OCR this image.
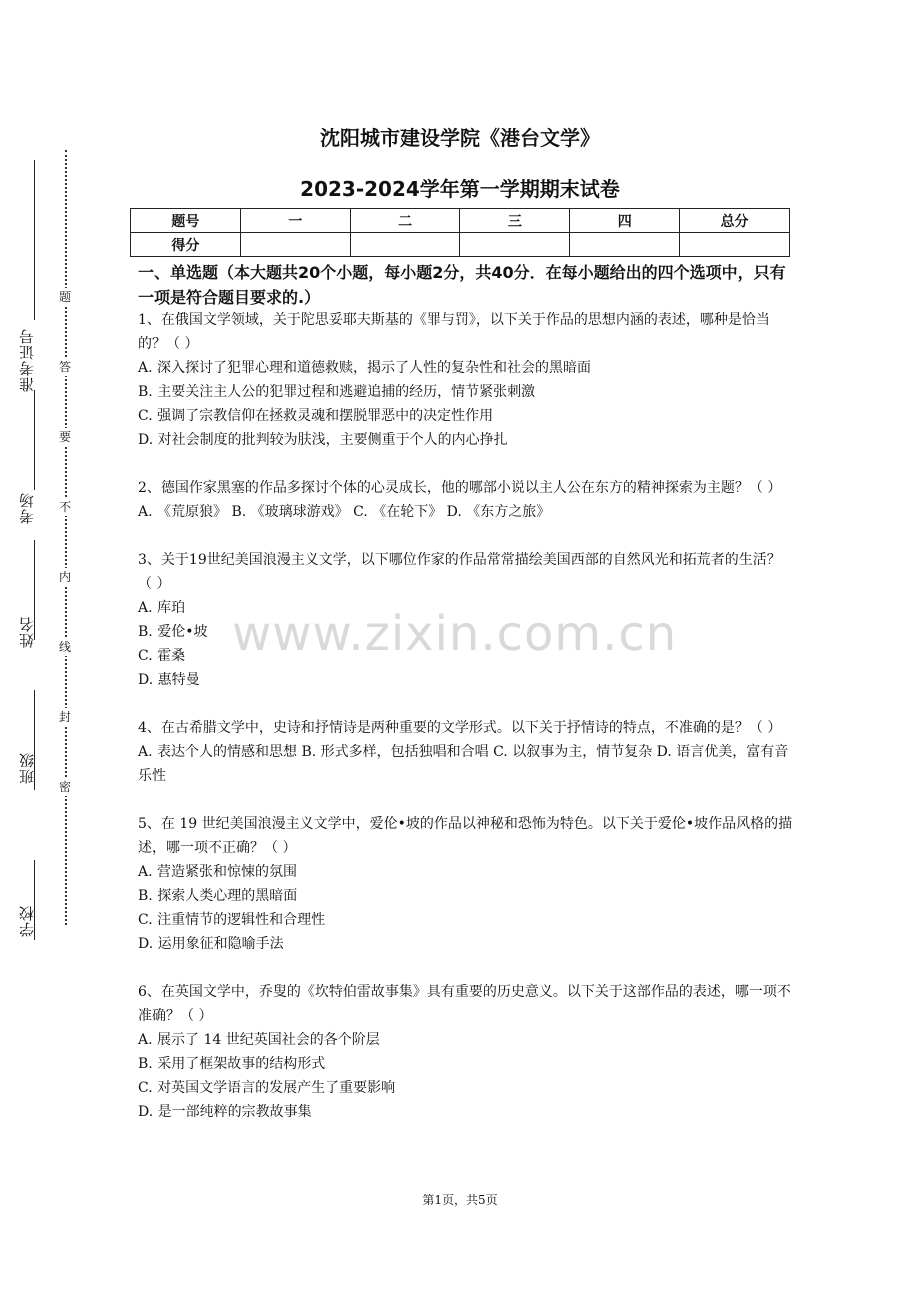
学校
班级
姓名
考场
准考证号
题
答
要
不
内
线
封
密
沈阳城市建设学院《港台文学》
2023-2024学年第一学期期末试卷
题号	一	二	三	四	总分
得分					
一、单选题（本大题共20个小题，每小题2分，共40分．在每小题给出的四个选项中，只有一项是符合题目要求的.）
www.zixin.com.cn

1、在俄国文学领域，关于陀思妥耶夫斯基的《罪与罚》，以下关于作品的思想内涵的表述，哪种是恰当的？（ ）

A. 深入探讨了犯罪心理和道德救赎，揭示了人性的复杂性和社会的黑暗面

B. 主要关注主人公的犯罪过程和逃避追捕的经历，情节紧张刺激

C. 强调了宗教信仰在拯救灵魂和摆脱罪恶中的决定性作用

D. 对社会制度的批判较为肤浅，主要侧重于个人的内心挣扎

2、德国作家黑塞的作品多探讨个体的心灵成长，他的哪部小说以主人公在东方的精神探索为主题？（ ）

A. 《荒原狼》 B. 《玻璃球游戏》 C. 《在轮下》 D. 《东方之旅》

3、关于19世纪美国浪漫主义文学，以下哪位作家的作品常常描绘美国西部的自然风光和拓荒者的生活？（ ）

A. 库珀

B. 爱伦•坡

C. 霍桑

D. 惠特曼

4、在古希腊文学中，史诗和抒情诗是两种重要的文学形式。以下关于抒情诗的特点，不准确的是？（ ）

A. 表达个人的情感和思想 B. 形式多样，包括独唱和合唱 C. 以叙事为主，情节复杂 D. 语言优美，富有音乐性

5、在 19 世纪美国浪漫主义文学中，爱伦•坡的作品以神秘和恐怖为特色。以下关于爱伦•坡作品风格的描述，哪一项不正确？（ ）

A. 营造紧张和惊悚的氛围

B. 探索人类心理的黑暗面

C. 注重情节的逻辑性和合理性

D. 运用象征和隐喻手法

6、在英国文学中，乔叟的《坎特伯雷故事集》具有重要的历史意义。以下关于这部作品的表述，哪一项不准确？（ ）

A. 展示了 14 世纪英国社会的各个阶层

B. 采用了框架故事的结构形式

C. 对英国文学语言的发展产生了重要影响

D. 是一部纯粹的宗教故事集

第1页，共5页
